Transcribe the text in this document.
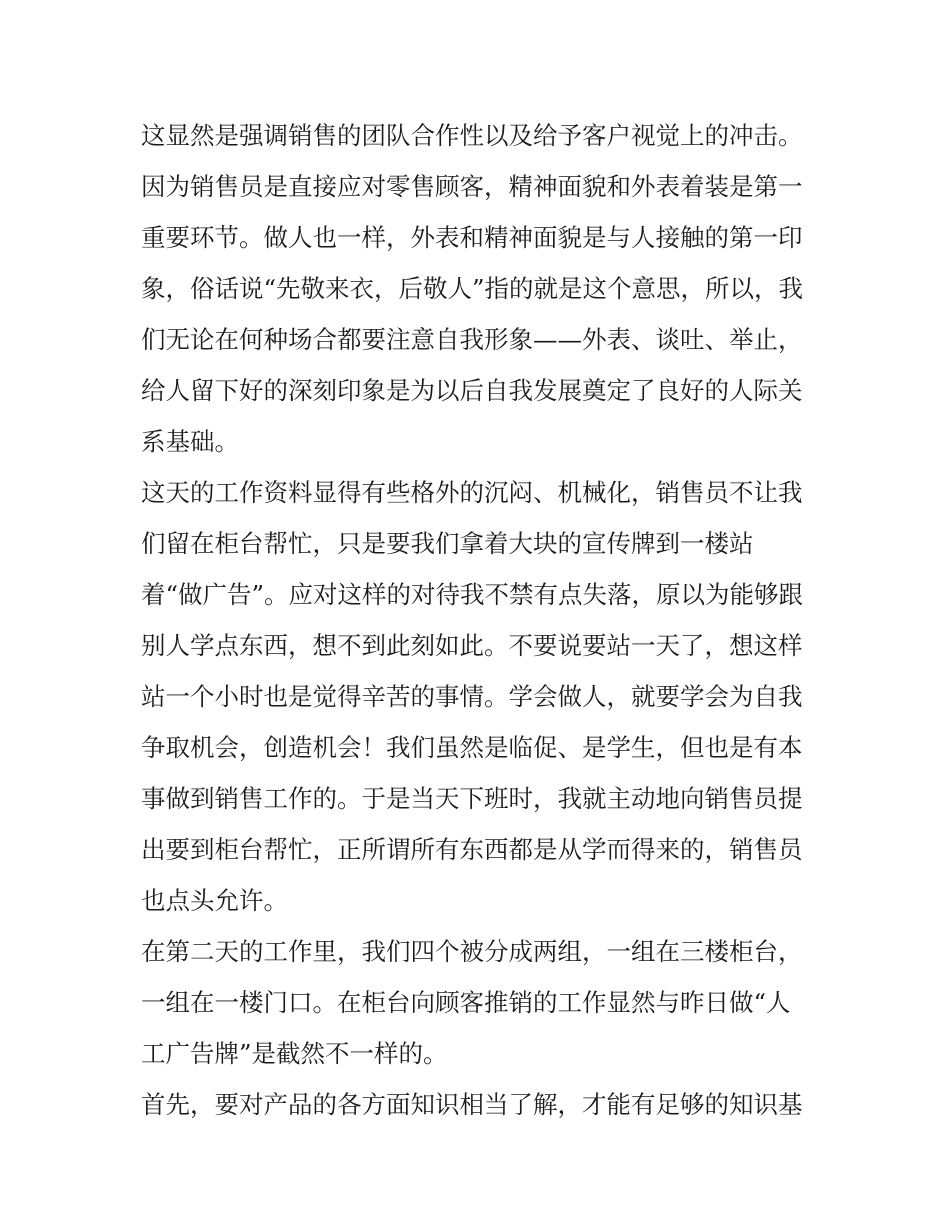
这显然是强调销售的团队合作性以及给予客户视觉上的冲击。
因为销售员是直接应对零售顾客，精神面貌和外表着装是第一
重要环节。做人也一样，外表和精神面貌是与人接触的第一印
象，俗话说“先敬来衣，后敬人”指的就是这个意思，所以，我
们无论在何种场合都要注意自我形象——外表、谈吐、举止，
给人留下好的深刻印象是为以后自我发展奠定了良好的人际关
系基础。
这天的工作资料显得有些格外的沉闷、机械化，销售员不让我
们留在柜台帮忙，只是要我们拿着大块的宣传牌到一楼站
着“做广告”。应对这样的对待我不禁有点失落，原以为能够跟
别人学点东西，想不到此刻如此。不要说要站一天了，想这样
站一个小时也是觉得辛苦的事情。学会做人，就要学会为自我
争取机会，创造机会！我们虽然是临促、是学生，但也是有本
事做到销售工作的。于是当天下班时，我就主动地向销售员提
出要到柜台帮忙，正所谓所有东西都是从学而得来的，销售员
也点头允许。
在第二天的工作里，我们四个被分成两组，一组在三楼柜台，
一组在一楼门口。在柜台向顾客推销的工作显然与昨日做“人
工广告牌”是截然不一样的。
首先，要对产品的各方面知识相当了解，才能有足够的知识基
